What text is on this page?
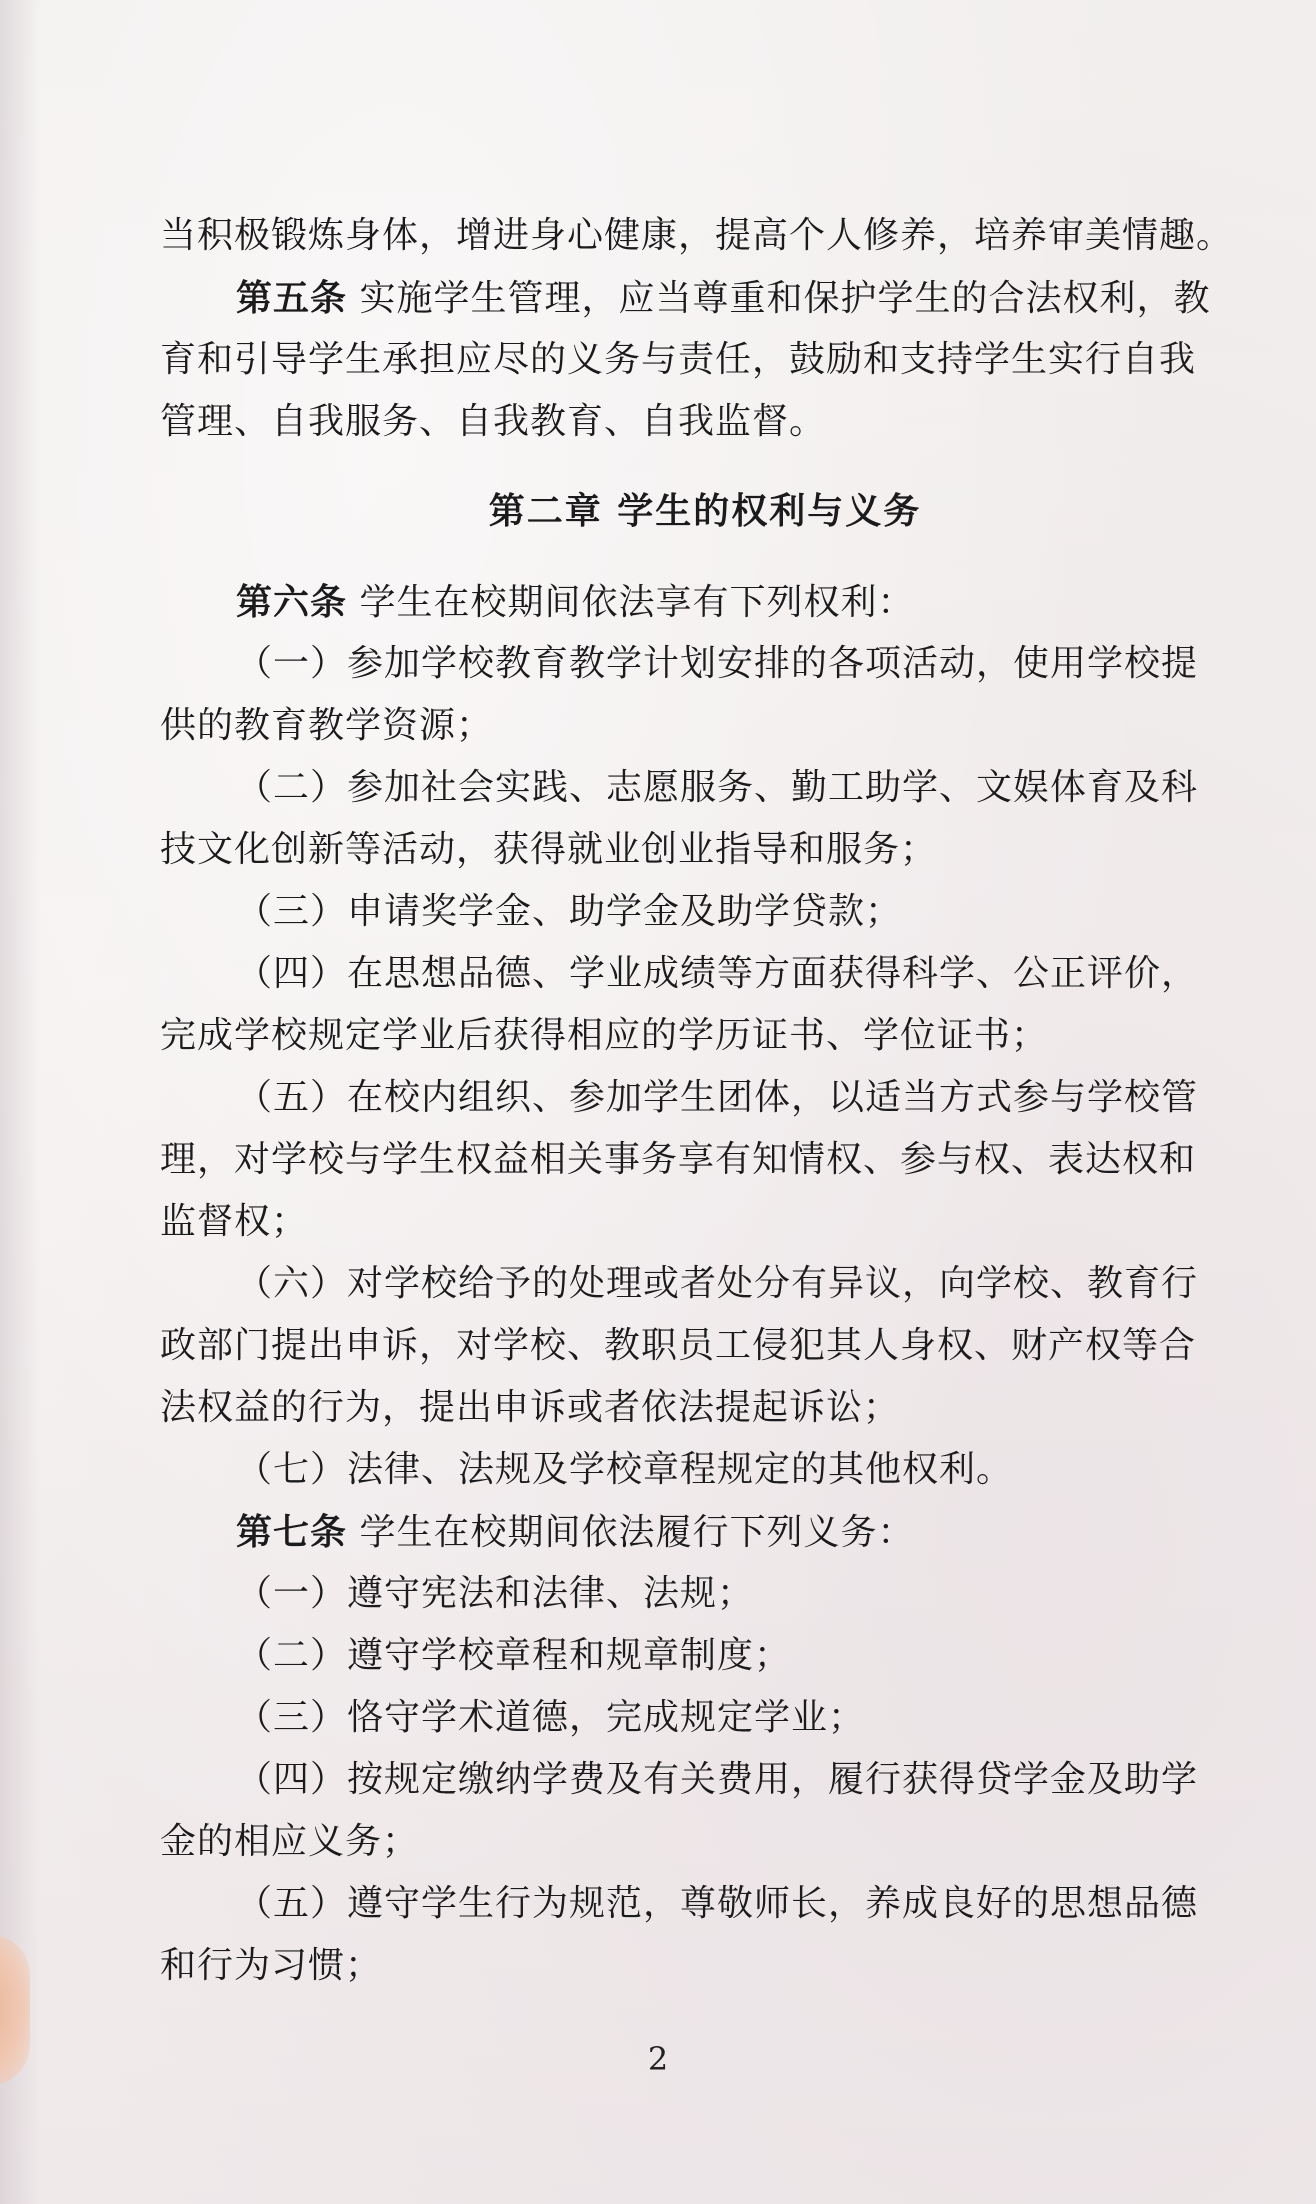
当积极锻炼身体，增进身心健康，提高个人修养，培养审美情趣。
第五条 实施学生管理，应当尊重和保护学生的合法权利，教
育和引导学生承担应尽的义务与责任，鼓励和支持学生实行自我
管理、自我服务、自我教育、自我监督。
第二章 学生的权利与义务
第六条 学生在校期间依法享有下列权利：
（一）参加学校教育教学计划安排的各项活动，使用学校提
供的教育教学资源；
（二）参加社会实践、志愿服务、勤工助学、文娱体育及科
技文化创新等活动，获得就业创业指导和服务；
（三）申请奖学金、助学金及助学贷款；
（四）在思想品德、学业成绩等方面获得科学、公正评价，
完成学校规定学业后获得相应的学历证书、学位证书；
（五）在校内组织、参加学生团体，以适当方式参与学校管
理，对学校与学生权益相关事务享有知情权、参与权、表达权和
监督权；
（六）对学校给予的处理或者处分有异议，向学校、教育行
政部门提出申诉，对学校、教职员工侵犯其人身权、财产权等合
法权益的行为，提出申诉或者依法提起诉讼；
（七）法律、法规及学校章程规定的其他权利。
第七条 学生在校期间依法履行下列义务：
（一）遵守宪法和法律、法规；
（二）遵守学校章程和规章制度；
（三）恪守学术道德，完成规定学业；
（四）按规定缴纳学费及有关费用，履行获得贷学金及助学
金的相应义务；
（五）遵守学生行为规范，尊敬师长，养成良好的思想品德
和行为习惯；
2
